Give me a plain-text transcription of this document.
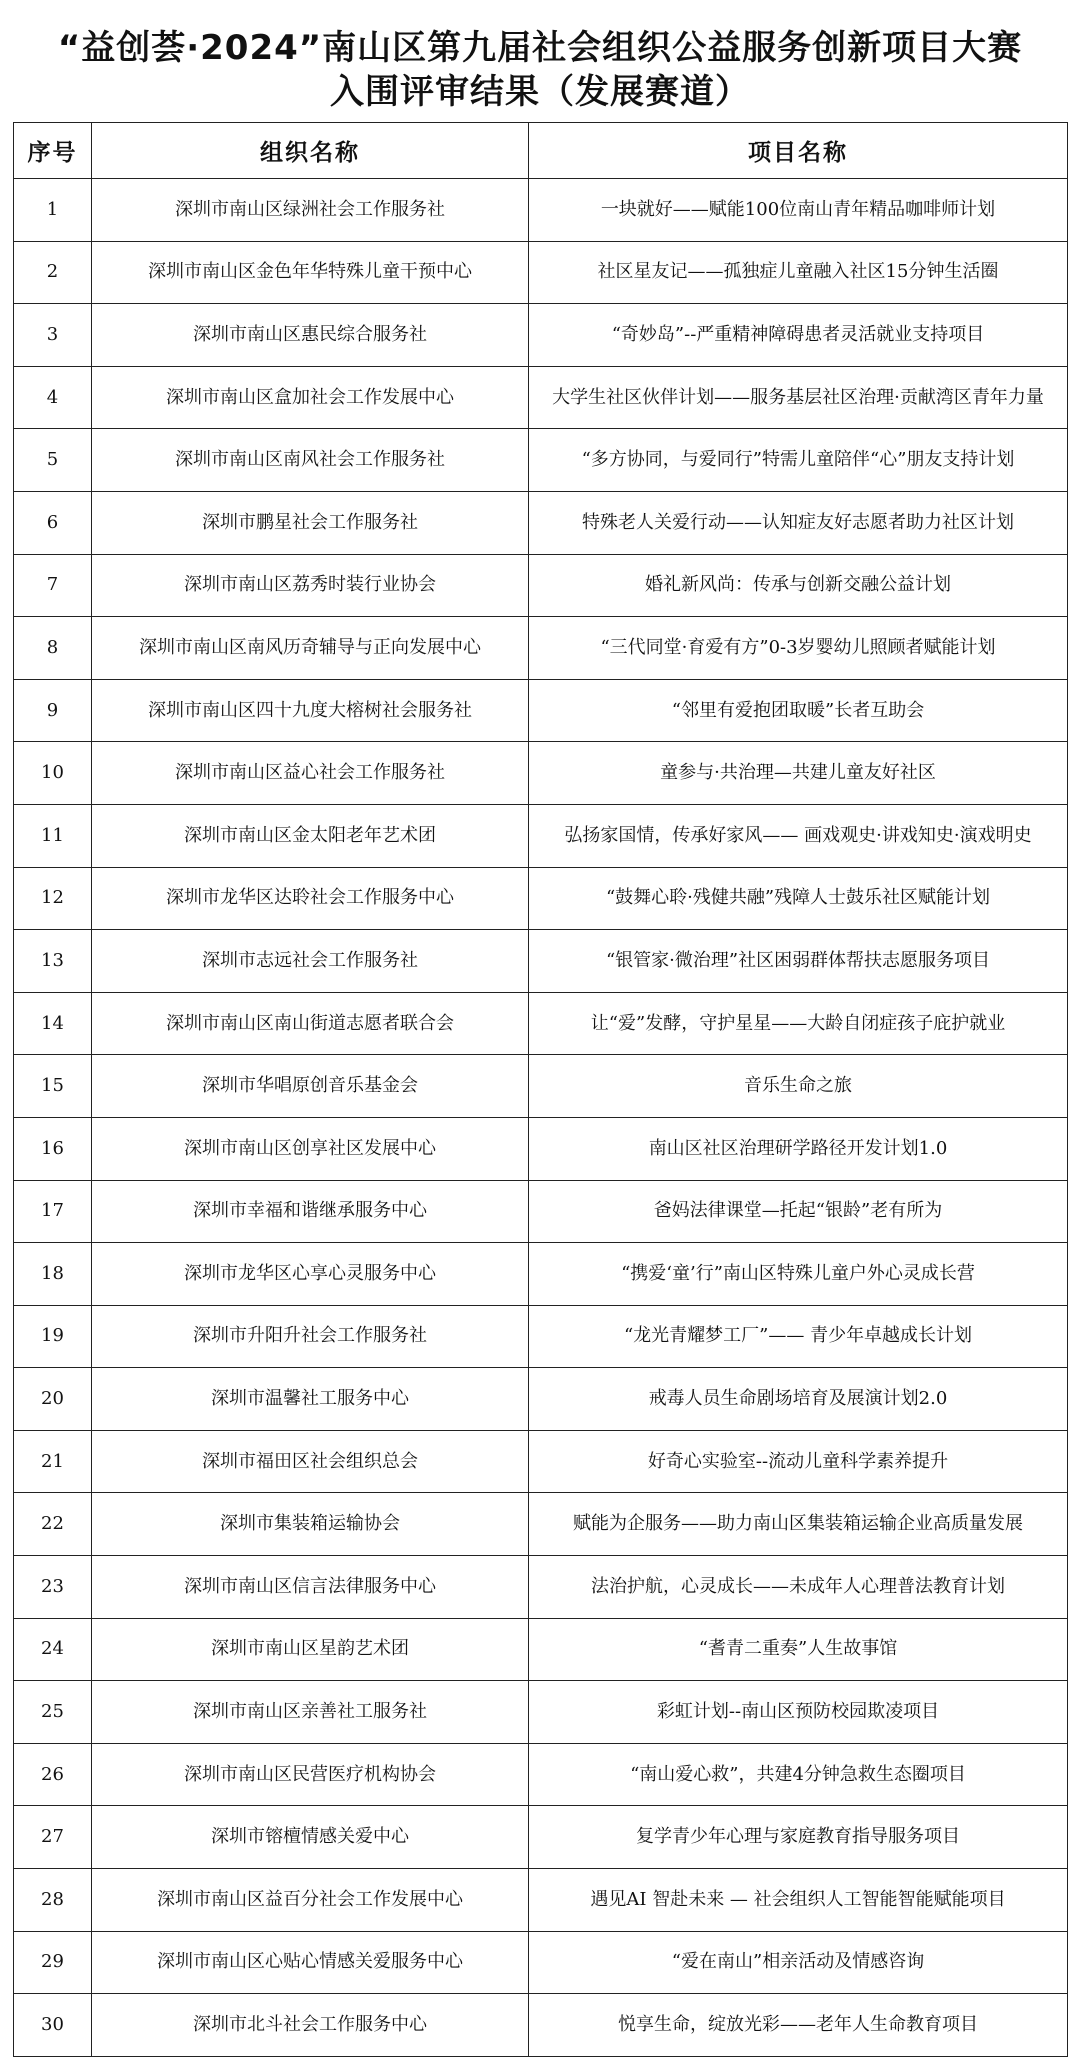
“益创荟·2024”南山区第九届社会组织公益服务创新项目大赛
入围评审结果（发展赛道）
序号	组织名称	项目名称
1	深圳市南山区绿洲社会工作服务社	一块就好——赋能100位南山青年精品咖啡师计划
2	深圳市南山区金色年华特殊儿童干预中心	社区星友记——孤独症儿童融入社区15分钟生活圈
3	深圳市南山区惠民综合服务社	“奇妙岛”--严重精神障碍患者灵活就业支持项目
4	深圳市南山区盒加社会工作发展中心	大学生社区伙伴计划——服务基层社区治理·贡献湾区青年力量
5	深圳市南山区南风社会工作服务社	“多方协同，与爱同行”特需儿童陪伴“心”朋友支持计划
6	深圳市鹏星社会工作服务社	特殊老人关爱行动——认知症友好志愿者助力社区计划
7	深圳市南山区荔秀时装行业协会	婚礼新风尚：传承与创新交融公益计划
8	深圳市南山区南风历奇辅导与正向发展中心	“三代同堂·育爱有方”0-3岁婴幼儿照顾者赋能计划
9	深圳市南山区四十九度大榕树社会服务社	“邻里有爱抱团取暖”长者互助会
10	深圳市南山区益心社会工作服务社	童参与·共治理—共建儿童友好社区
11	深圳市南山区金太阳老年艺术团	弘扬家国情，传承好家风—— 画戏观史·讲戏知史·演戏明史
12	深圳市龙华区达聆社会工作服务中心	“鼓舞心聆·残健共融”残障人士鼓乐社区赋能计划
13	深圳市志远社会工作服务社	“银管家·微治理”社区困弱群体帮扶志愿服务项目
14	深圳市南山区南山街道志愿者联合会	让“爱”发酵，守护星星——大龄自闭症孩子庇护就业
15	深圳市华唱原创音乐基金会	音乐生命之旅
16	深圳市南山区创享社区发展中心	南山区社区治理研学路径开发计划1.0
17	深圳市幸福和谐继承服务中心	爸妈法律课堂—托起“银龄”老有所为
18	深圳市龙华区心享心灵服务中心	“携爱‘童’行”南山区特殊儿童户外心灵成长营
19	深圳市升阳升社会工作服务社	“龙光青耀梦工厂”—— 青少年卓越成长计划
20	深圳市温馨社工服务中心	戒毒人员生命剧场培育及展演计划2.0
21	深圳市福田区社会组织总会	好奇心实验室--流动儿童科学素养提升
22	深圳市集装箱运输协会	赋能为企服务——助力南山区集装箱运输企业高质量发展
23	深圳市南山区信言法律服务中心	法治护航，心灵成长——未成年人心理普法教育计划
24	深圳市南山区星韵艺术团	“耆青二重奏”人生故事馆
25	深圳市南山区亲善社工服务社	彩虹计划--南山区预防校园欺凌项目
26	深圳市南山区民营医疗机构协会	“南山爱心救”，共建4分钟急救生态圈项目
27	深圳市镕檀情感关爱中心	复学青少年心理与家庭教育指导服务项目
28	深圳市南山区益百分社会工作发展中心	遇见AI 智赴未来 — 社会组织人工智能智能赋能项目
29	深圳市南山区心贴心情感关爱服务中心	“爱在南山”相亲活动及情感咨询
30	深圳市北斗社会工作服务中心	悦享生命，绽放光彩——老年人生命教育项目
